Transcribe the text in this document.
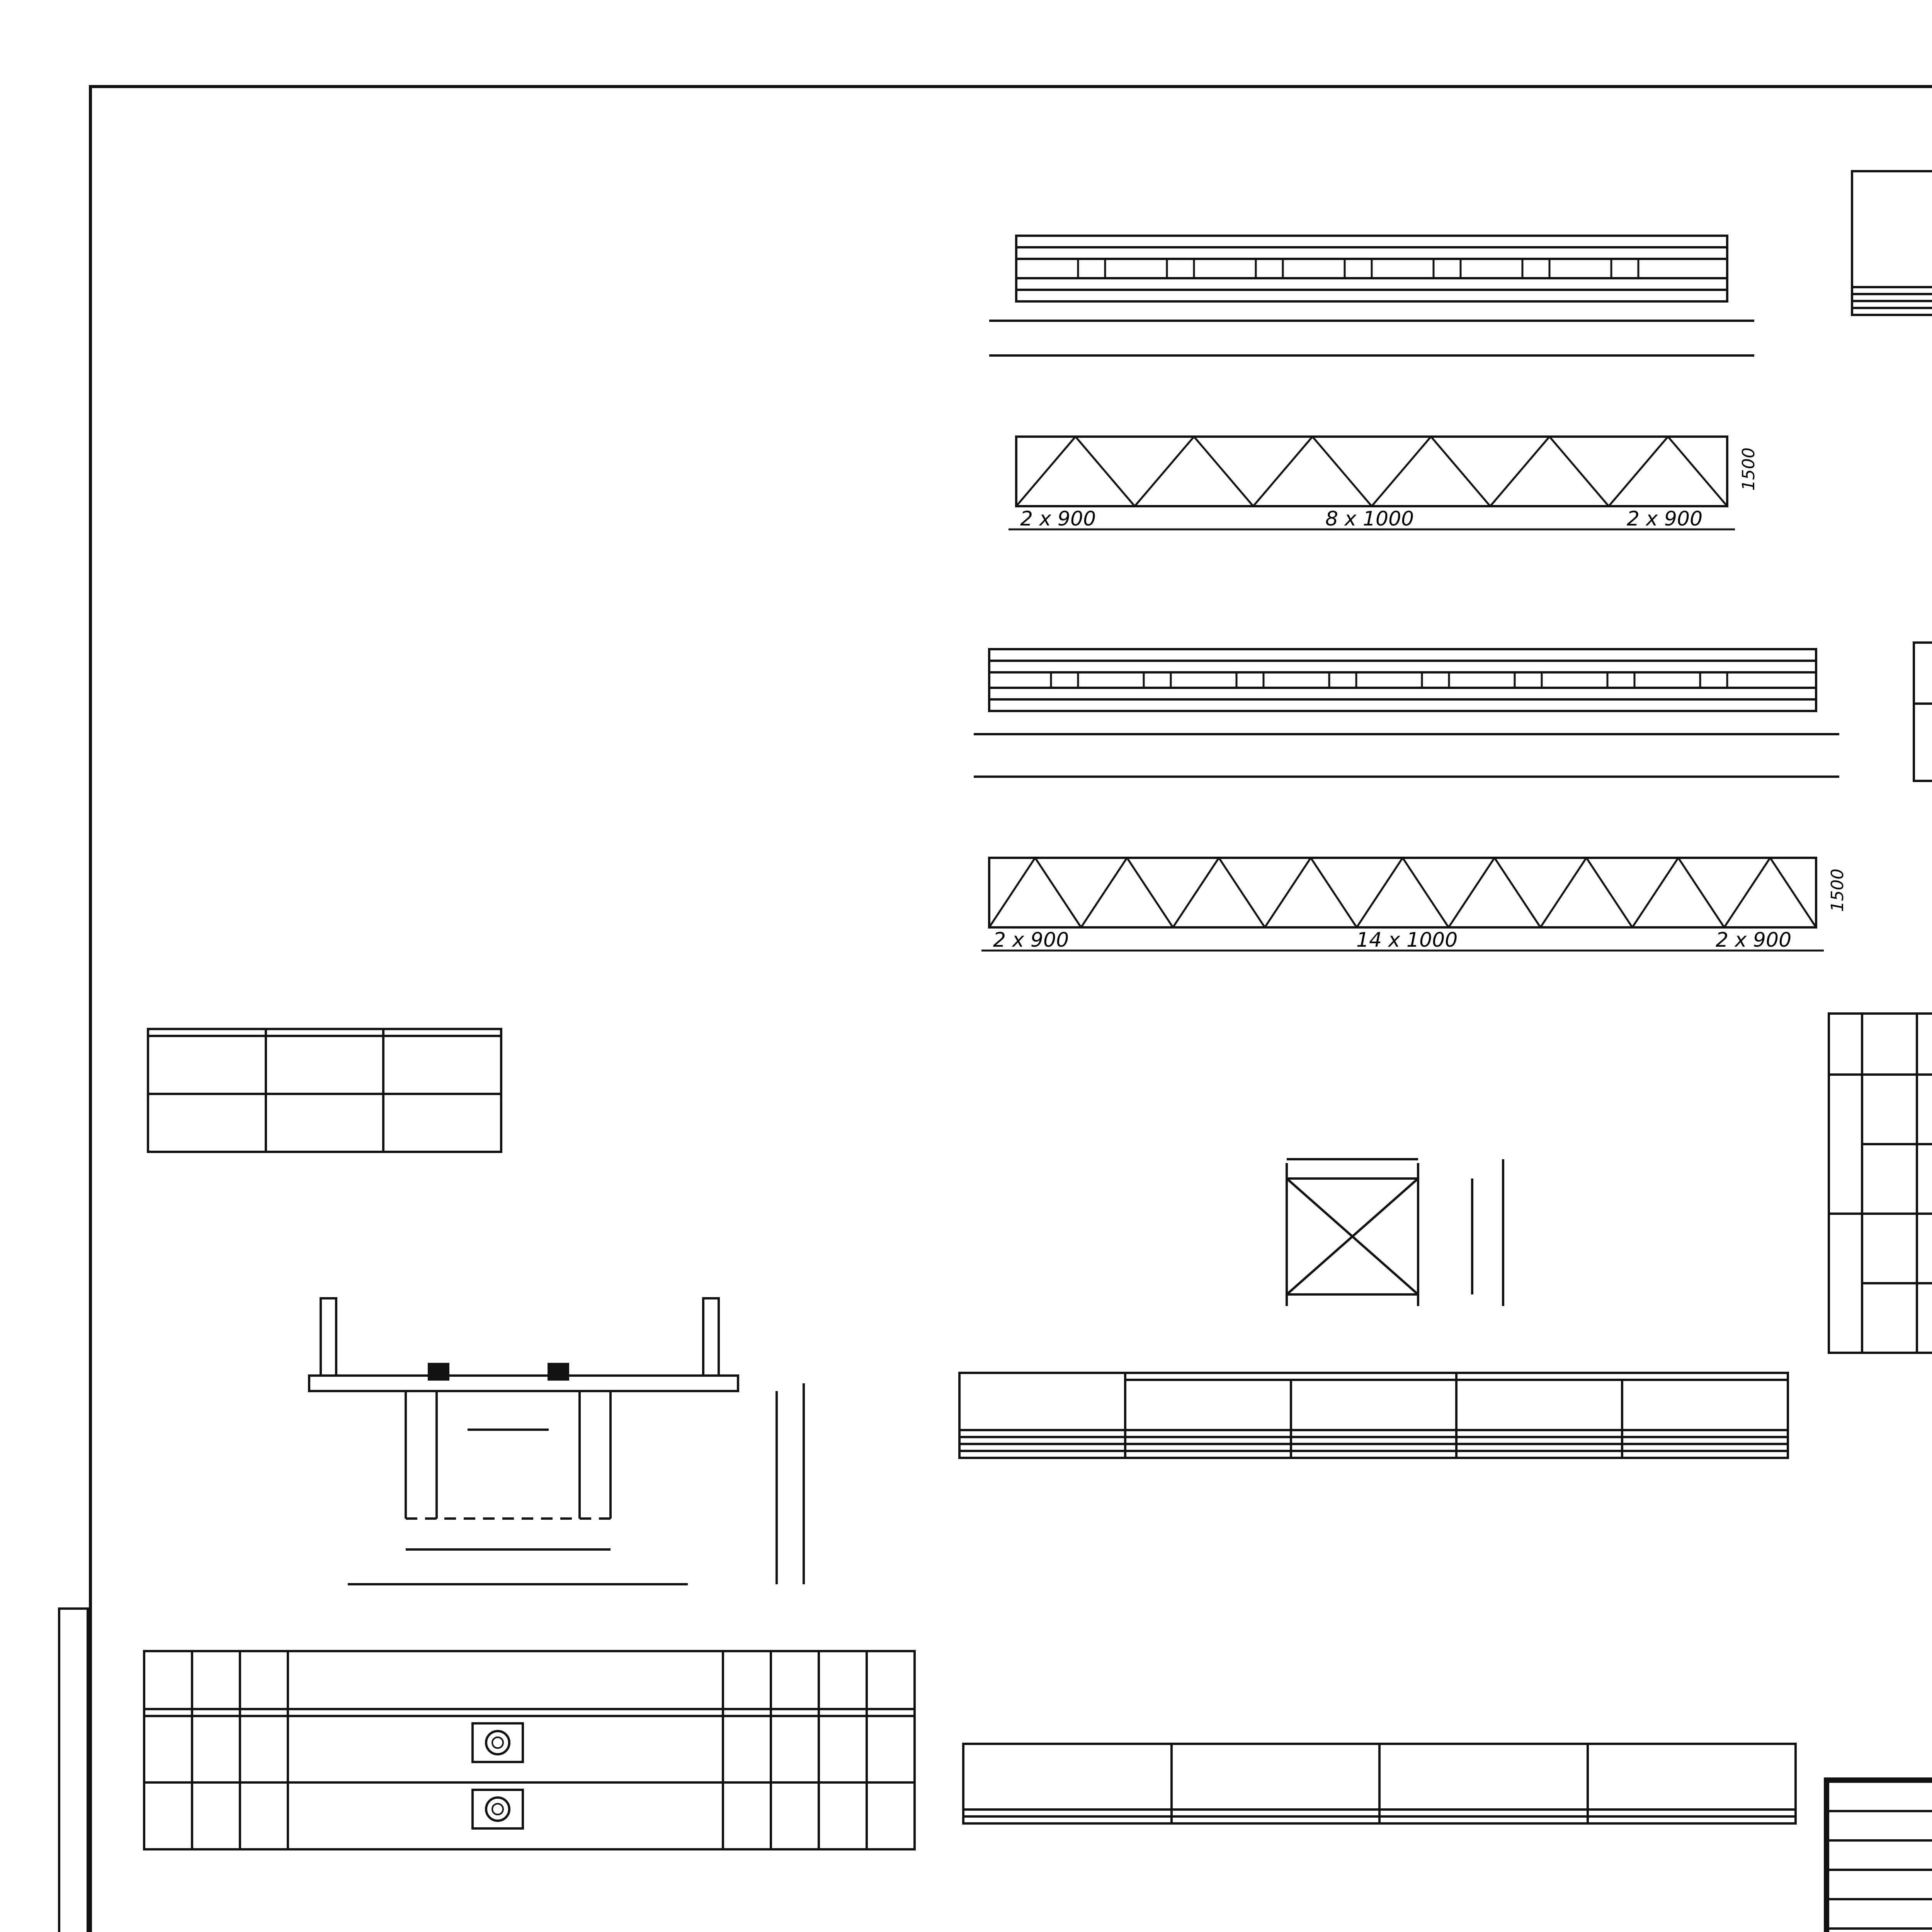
2 x 900	8 x 1000	2 x 900
1500
2 x 900	14 x 1000	2 x 900
1500
